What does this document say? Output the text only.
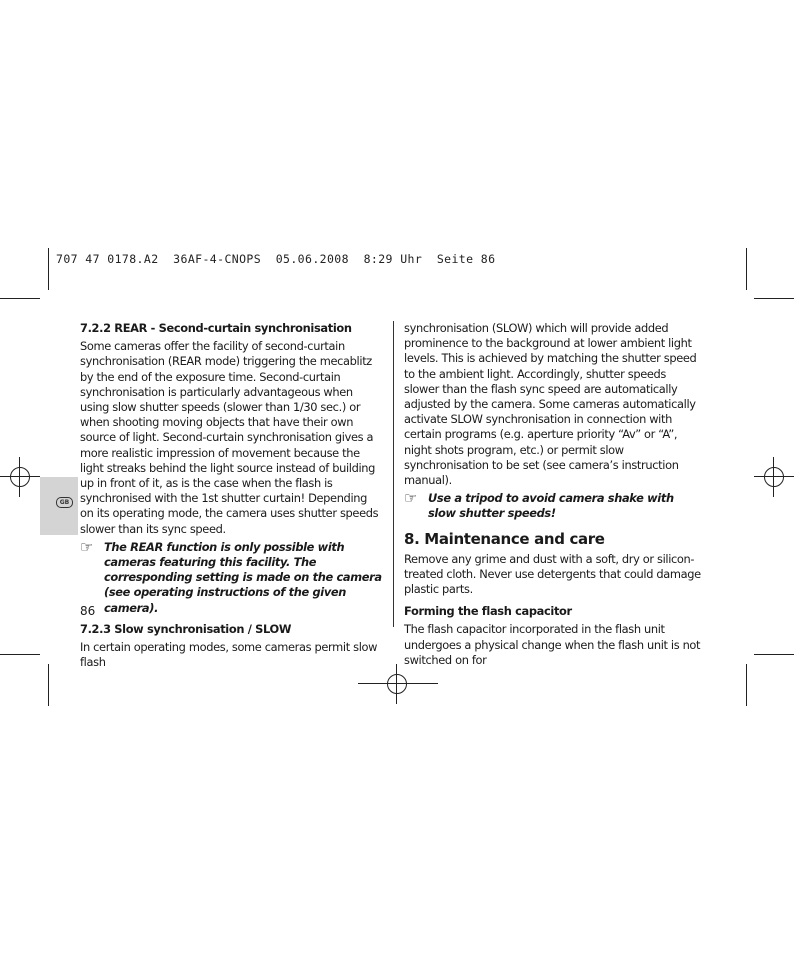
707 47 0178.A2  36AF-4-CNOPS  05.06.2008  8:29 Uhr  Seite 86
GB
7.2.2 REAR - Second-curtain synchronisation

Some cameras offer the facility of second-curtain synchronisation (REAR mode) triggering the mecablitz by the end of the exposure time. Second-curtain synchronisation is particularly advantageous when using slow shutter speeds (slower than 1/30 sec.) or when shooting moving objects that have their own source of light. Second-curtain synchronisation gives a more realistic impression of movement because the light streaks behind the light source instead of building up in front of it, as is the case when the flash is synchronised with the 1st shutter curtain! Depending on its operating mode, the camera uses shutter speeds slower than its sync speed.

☞ The REAR function is only possible with cameras featuring this facility. The corresponding setting is made on the camera (see operating instructions of the given camera).
7.2.3 Slow synchronisation / SLOW

In certain operating modes, some cameras permit slow flash

synchronisation (SLOW) which will provide added prominence to the background at lower ambient light levels. This is achieved by matching the shutter speed to the ambient light. Accordingly, shutter speeds slower than the flash sync speed are automatically adjusted by the camera. Some cameras automatically activate SLOW synchronisation in connection with certain programs (e.g. aperture priority “Av” or “A”, night shots program, etc.) or permit slow synchronisation to be set (see camera’s instruction manual).

☞ Use a tripod to avoid camera shake with slow shutter speeds!
8. Maintenance and care

Remove any grime and dust with a soft, dry or silicon-treated cloth. Never use detergents that could damage plastic parts.

Forming the flash capacitor

The flash capacitor incorporated in the flash unit undergoes a physical change when the flash unit is not switched on for

86
